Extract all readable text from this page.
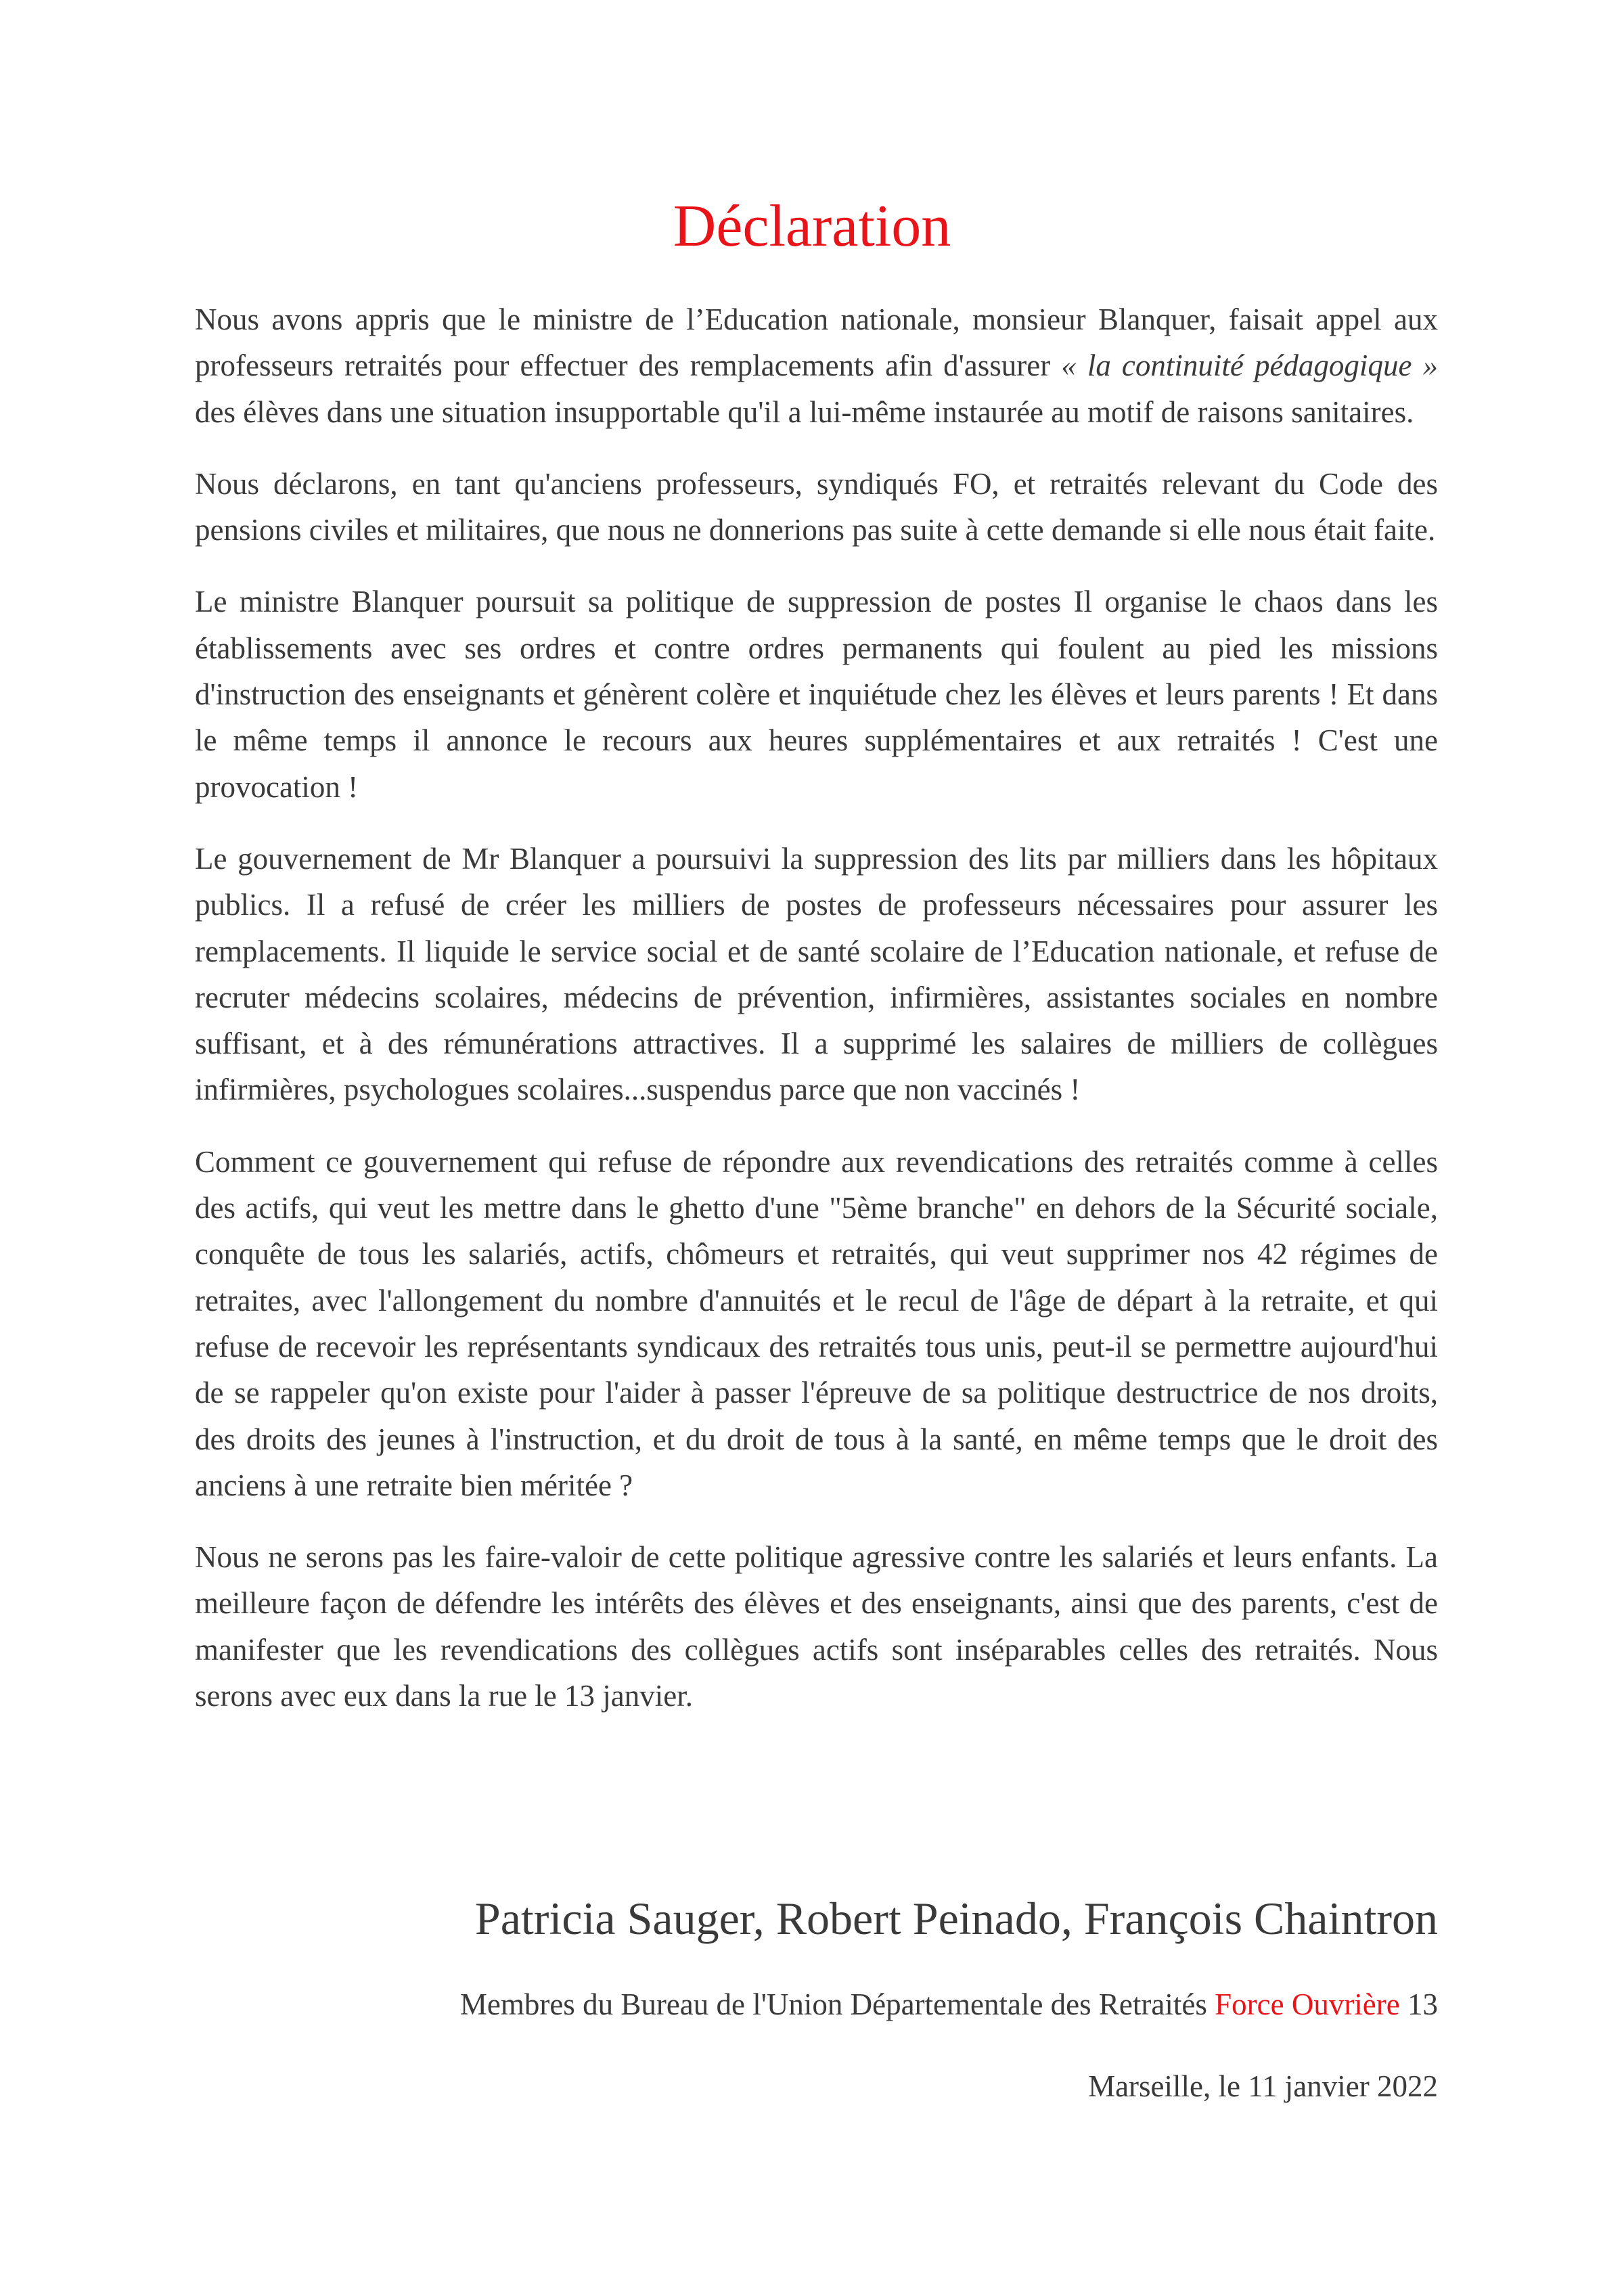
Déclaration

Nous avons appris que le ministre de l’Education nationale, monsieur Blanquer, faisait appel aux professeurs retraités pour effectuer des remplacements afin d'assurer « la continuité pédagogique » des élèves dans une situation insupportable qu'il a lui-même instaurée au motif de raisons sanitaires.

Nous déclarons, en tant qu'anciens professeurs, syndiqués FO, et retraités relevant du Code des pensions civiles et militaires, que nous ne donnerions pas suite à cette demande si elle nous était faite.

Le ministre Blanquer poursuit sa politique de suppression de postes Il organise le chaos dans les établissements avec ses ordres et contre ordres permanents qui foulent au pied les missions d'instruction des enseignants et génèrent colère et inquiétude chez les élèves et leurs parents ! Et dans le même temps il annonce le recours aux heures supplémentaires et aux retraités ! C'est une provocation !

Le gouvernement de Mr Blanquer a poursuivi la suppression des lits par milliers dans les hôpitaux publics. Il a refusé de créer les milliers de postes de professeurs nécessaires pour assurer les remplacements. Il liquide le service social et de santé scolaire de l’Education nationale, et refuse de recruter médecins scolaires, médecins de prévention, infirmières, assistantes sociales en nombre suffisant, et à des rémunérations attractives. Il a supprimé les salaires de milliers de collègues infirmières, psychologues scolaires...suspendus parce que non vaccinés !

Comment ce gouvernement qui refuse de répondre aux revendications des retraités comme à celles des actifs, qui veut les mettre dans le ghetto d'une "5ème branche" en dehors de la Sécurité sociale, conquête de tous les salariés, actifs, chômeurs et retraités, qui veut supprimer nos 42 régimes de retraites, avec l'allongement du nombre d'annuités et le recul de l'âge de départ à la retraite, et qui refuse de recevoir les représentants syndicaux des retraités tous unis, peut-il se permettre aujourd'hui de se rappeler qu'on existe pour l'aider à passer l'épreuve de sa politique destructrice de nos droits, des droits des jeunes à l'instruction, et du droit de tous à la santé, en même temps que le droit des anciens à une retraite bien méritée ?

Nous ne serons pas les faire-valoir de cette politique agressive contre les salariés et leurs enfants. La meilleure façon de défendre les intérêts des élèves et des enseignants, ainsi que des parents, c'est de manifester que les revendications des collègues actifs sont inséparables celles des retraités. Nous serons avec eux dans la rue le 13 janvier.

Patricia Sauger, Robert Peinado, François Chaintron
Membres du Bureau de l'Union Départementale des Retraités Force Ouvrière 13
Marseille, le 11 janvier 2022
